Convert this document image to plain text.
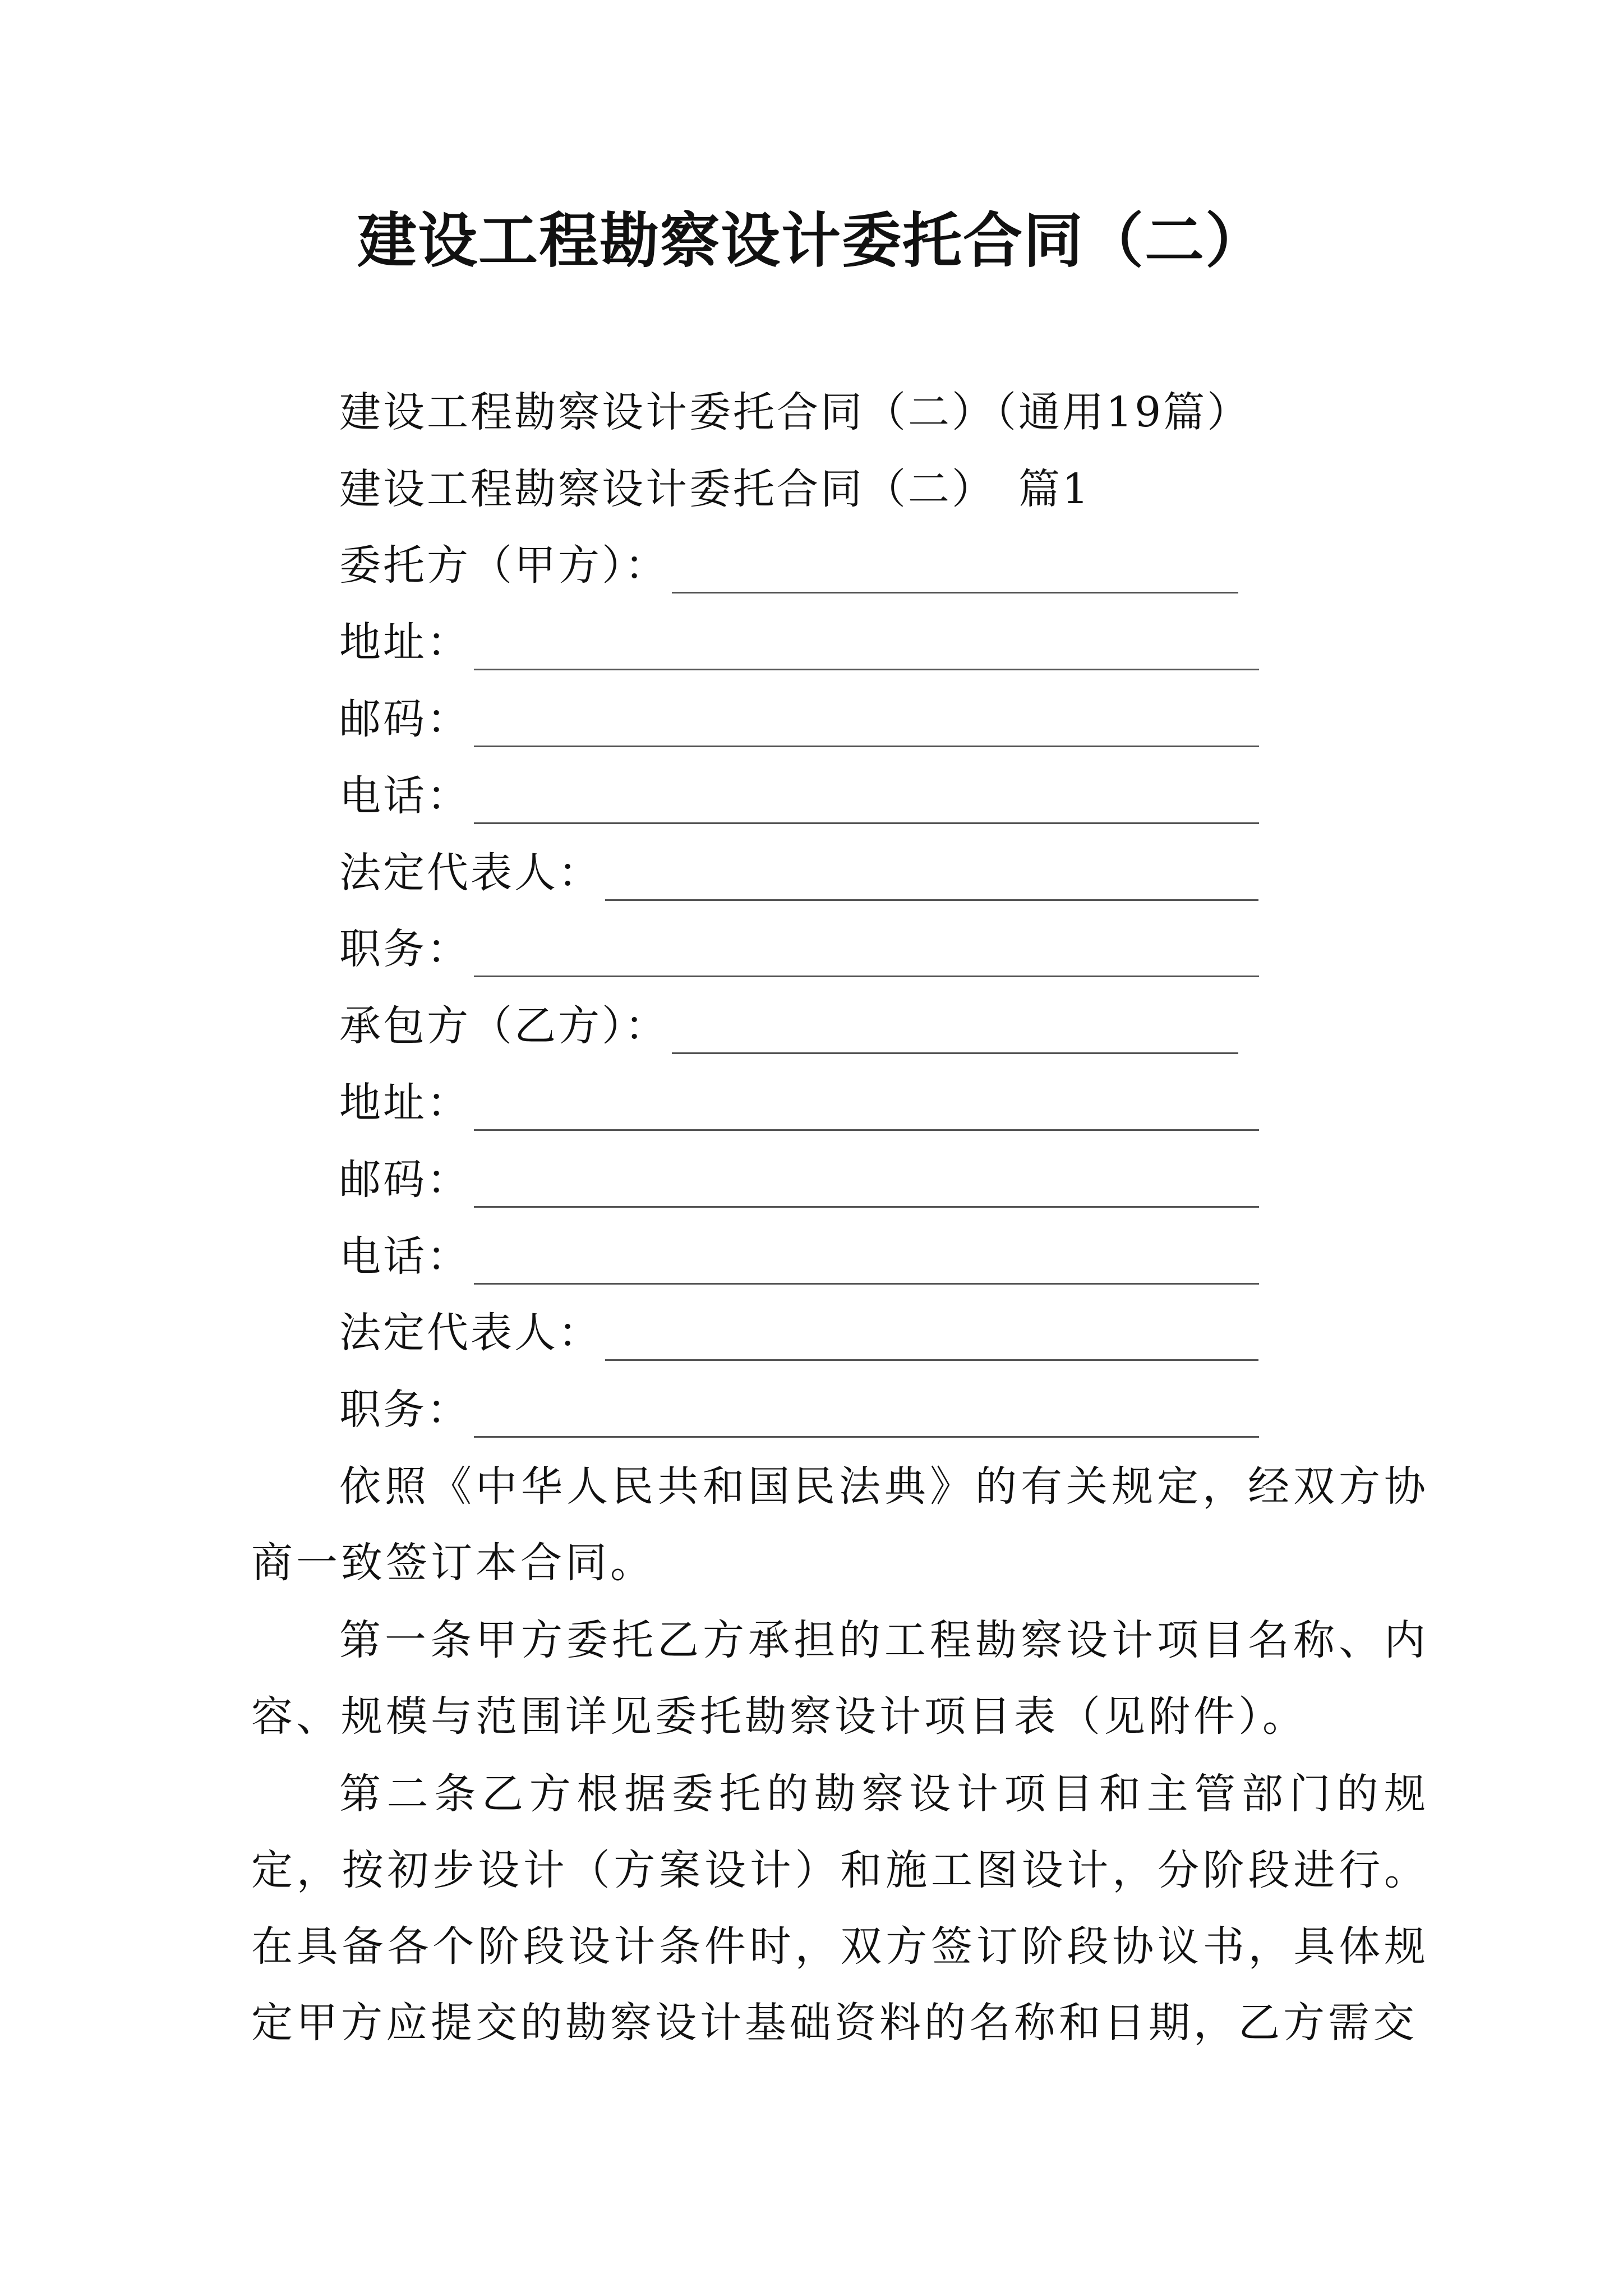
建设工程勘察设计委托合同（二）
建设工程勘察设计委托合同（二）（通用19篇）
建设工程勘察设计委托合同（二）　篇1
委托方（甲方）：
地址：
邮码：
电话：
法定代表人：
职务：
承包方（乙方）：
地址：
邮码：
电话：
法定代表人：
职务：

依照《中华人民共和国民法典》的有关规定，经双方协商一致签订本合同。

第一条甲方委托乙方承担的工程勘察设计项目名称、内容、规模与范围详见委托勘察设计项目表（见附件）。

第二条乙方根据委托的勘察设计项目和主管部门的规定，按初步设计（方案设计）和施工图设计，分阶段进行。在具备各个阶段设计条件时，双方签订阶段协议书，具体规定甲方应提交的勘察设计基础资料的名称和日期，乙方需交
